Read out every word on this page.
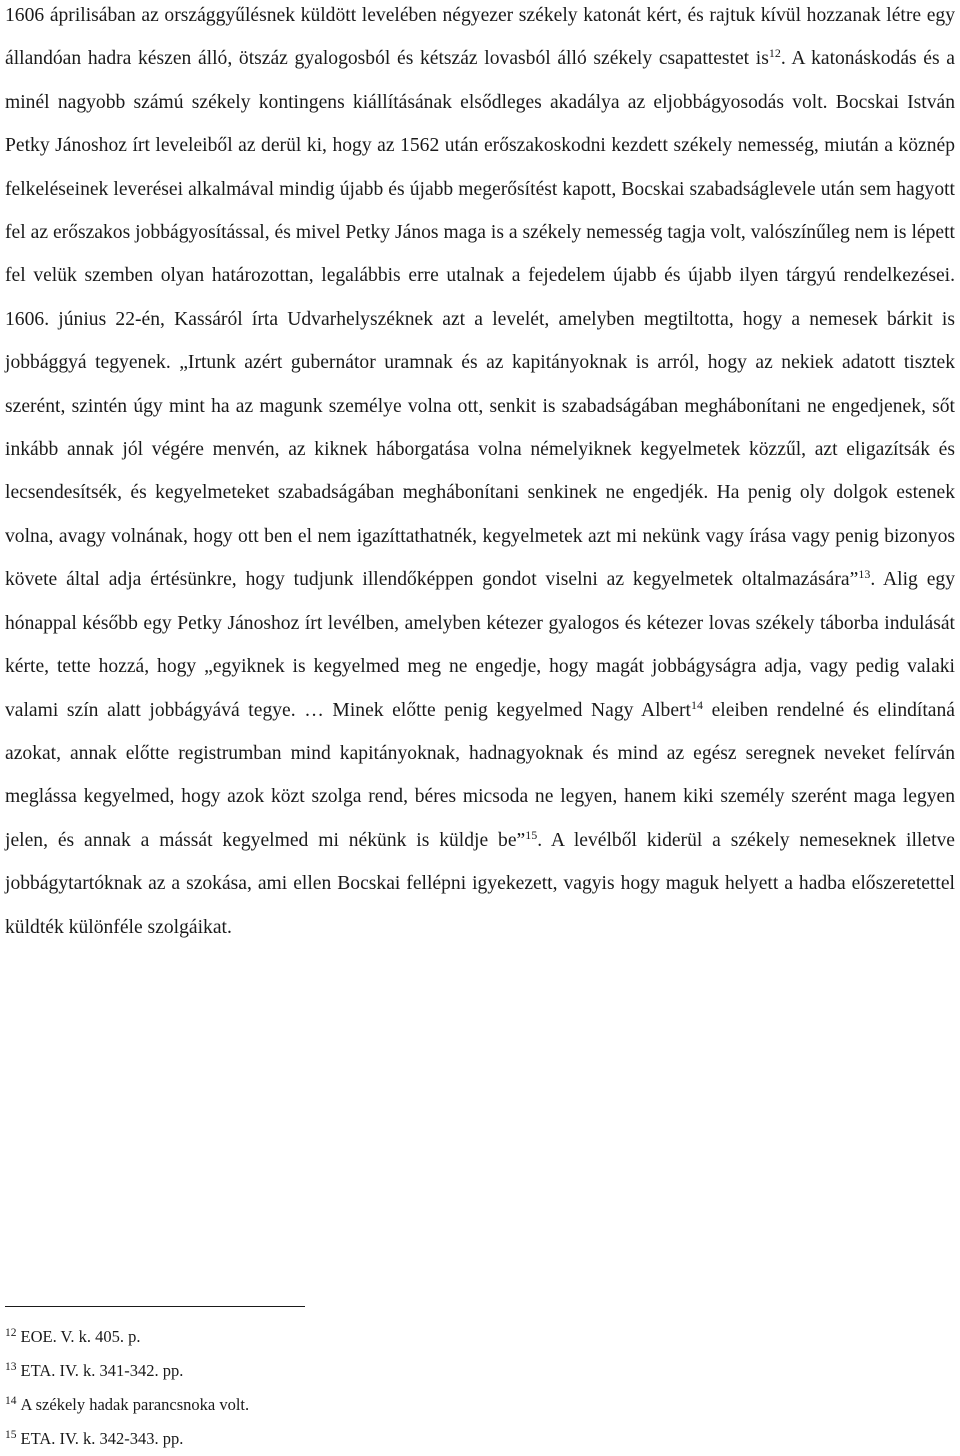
1606 áprilisában az országgyűlésnek küldött levelében négyezer székely katonát kért, és rajtuk kívül hozzanak létre egy állandóan hadra készen álló, ötszáz gyalogosból és kétszáz lovasból álló székely csapattestet $is^{12}$. A katonáskodás és a minél nagyobb számú székely kontingens kiállításának elsődleges akadálya az eljobbágyosodás volt. Bocskai István Petky Jánoshoz írt leveleiből az derül ki, hogy az 1562 után erőszakoskodni kezdett székely nemesség, miután a köznép felkeléseinek leverései alkalmával mindig újabb és újabb megerősítést kapott, Bocskai szabadságlevele után sem hagyott fel az erőszakos jobbágyosítással, és mivel Petky János maga is a székely nemesség tagja volt, valószínűleg nem is lépett fel velük szemben olyan határozottan, legalábbis erre utalnak a fejedelem újabb és újabb ilyen tárgyú rendelkezései. 1606. június 22-én, Kassáról írta Udvarhelyszéknek azt a levelét, amelyben megtiltotta, hogy a nemesek bárkit is jobbággyá tegyenek. „Irtunk azért gubernátor uramnak és az kapitányoknak is arról, hogy az nekiek adatott tisztek szerént, szintén úgy mint ha az magunk személye volna ott, senkit is szabadságában meghábonítani ne engedjenek, sőt inkább annak jól végére menvén, az kiknek háborgatása volna némelyiknek kegyelmetek közzűl, azt eligazítsák és lecsendesítsék, és kegyelmeteket szabadságában meghábonítani senkinek ne engedjék. Ha penig oly dolgok estenek volna, avagy volnának, hogy ott ben el nem igazíttathatnék, kegyelmetek azt mi nekünk vagy írása vagy penig bizonyos követe által adja értésünkre, hogy tudjunk illendőképpen gondot viselni az kegyelmetek oltalmazására”$^{13}$. Alig egy hónappal később egy Petky Jánoshoz írt levélben, amelyben kétezer gyalogos és kétezer lovas székely táborba indulását kérte, tette hozzá, hogy „egyiknek is kegyelmed meg ne engedje, hogy magát jobbágyságra adja, vagy pedig valaki valami szín alatt jobbágyává tegye. … Minek előtte penig kegyelmed Nagy Albert$^{14}$ eleiben rendelné és elindítaná azokat, annak előtte registrumban mind kapitányoknak, hadnagyoknak és mind az egész seregnek neveket felírván meglássa kegyelmed, hogy azok közt szolga rend, béres micsoda ne legyen, hanem kiki személy szerént maga legyen jelen, és annak a mássát kegyelmed mi nékünk is küldje be”$^{15}$. A levélből kiderül a székely nemeseknek illetve jobbágytartóknak az a szokása, ami ellen Bocskai fellépni igyekezett, vagyis hogy maguk helyett a hadba előszeretettel küldték különféle szolgáikat.

$^{12}$ EOE. V. k. 405. p.

$^{13}$ ETA. IV. k. 341-342. pp.

$^{14}$ A székely hadak parancsnoka volt.

$^{15}$ ETA. IV. k. 342-343. pp.
